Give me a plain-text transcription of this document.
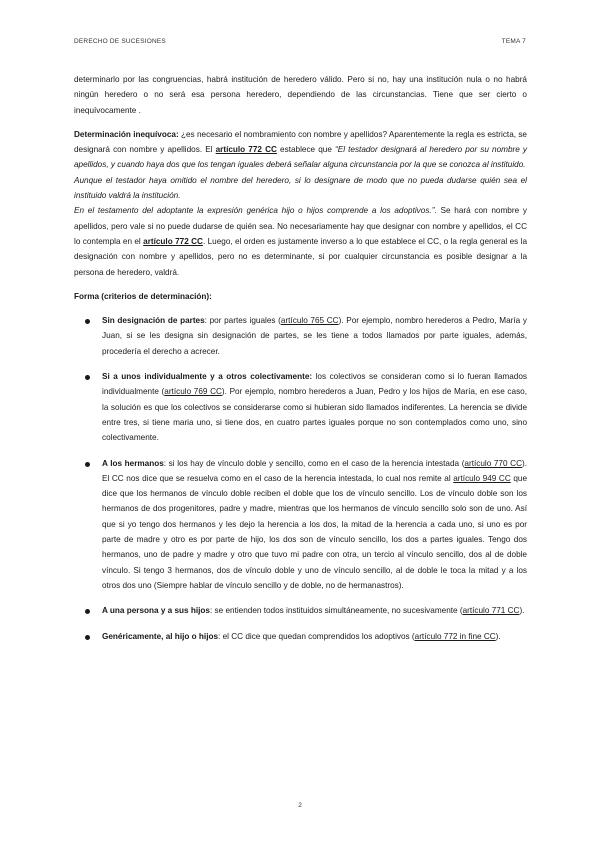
DERECHO DE SUCESIONES	TEMA 7

determinarlo por las congruencias, habrá institución de heredero válido. Pero si no, hay una institución nula o no habrá ningún heredero o no será esa persona heredero, dependiendo de las circunstancias. Tiene que ser cierto o inequívocamente .

Determinación inequívoca: ¿es necesario el nombramiento con nombre y apellidos? Aparentemente la regla es estricta, se designará con nombre y apellidos. El artículo 772 CC establece que “El testador designará al heredero por su nombre y apellidos, y cuando haya dos que los tengan iguales deberá señalar alguna circunstancia por la que se conozca al instituido.
Aunque el testador haya omitido el nombre del heredero, si lo designare de modo que no pueda dudarse quién sea el instituido valdrá la institución.
En el testamento del adoptante la expresión genérica hijo o hijos comprende a los adoptivos.”. Se hará con nombre y apellidos, pero vale si no puede dudarse de quién sea. No necesariamente hay que designar con nombre y apellidos, el CC lo contempla en el artículo 772 CC. Luego, el orden es justamente inverso a lo que establece el CC, o la regla general es la designación con nombre y apellidos, pero no es determinante, si por cualquier circunstancia es posible designar a la persona de heredero, valdrá.

Forma (criterios de determinación):

Sin designación de partes: por partes iguales (artículo 765 CC). Por ejemplo, nombro herederos a Pedro, María y Juan, si se les designa sin designación de partes, se les tiene a todos llamados por parte iguales, además, procedería el derecho a acrecer.
Si a unos individualmente y a otros colectivamente: los colectivos se consideran como si lo fueran llamados individualmente (artículo 769 CC). Por ejemplo, nombro herederos a Juan, Pedro y los hijos de María, en ese caso, la solución es que los colectivos se considerarse como si hubieran sido llamados indiferentes. La herencia se divide entre tres, si tiene maria uno, si tiene dos, en cuatro partes iguales porque no son contemplados como uno, sino colectivamente.
A los hermanos: si los hay de vínculo doble y sencillo, como en el caso de la herencia intestada (artículo 770 CC). El CC nos dice que se resuelva como en el caso de la herencia intestada, lo cual nos remite al artículo 949 CC que dice que los hermanos de vínculo doble reciben el doble que los de vínculo sencillo. Los de vínculo doble son los hermanos de dos progenitores, padre y madre, mientras que los hermanos de vínculo sencillo solo son de uno. Así que si yo tengo dos hermanos y les dejo la herencia a los dos, la mitad de la herencia a cada uno, si uno es por parte de madre y otro es por parte de hijo, los dos son de vínculo sencillo, los dos a partes iguales. Tengo dos hermanos, uno de padre y madre y otro que tuvo mi padre con otra, un tercio al vínculo sencillo, dos al de doble vínculo. Si tengo 3 hermanos, dos de vínculo doble y uno de vínculo sencillo, al de doble le toca la mitad y a los otros dos uno (Siempre hablar de vínculo sencillo y de doble, no de hermanastros).
A una persona y a sus hijos: se entienden todos instituidos simultáneamente, no sucesivamente (artículo 771 CC).
Genéricamente, al hijo o hijos: el CC dice que quedan comprendidos los adoptivos (artículo 772 in fine CC).
2
